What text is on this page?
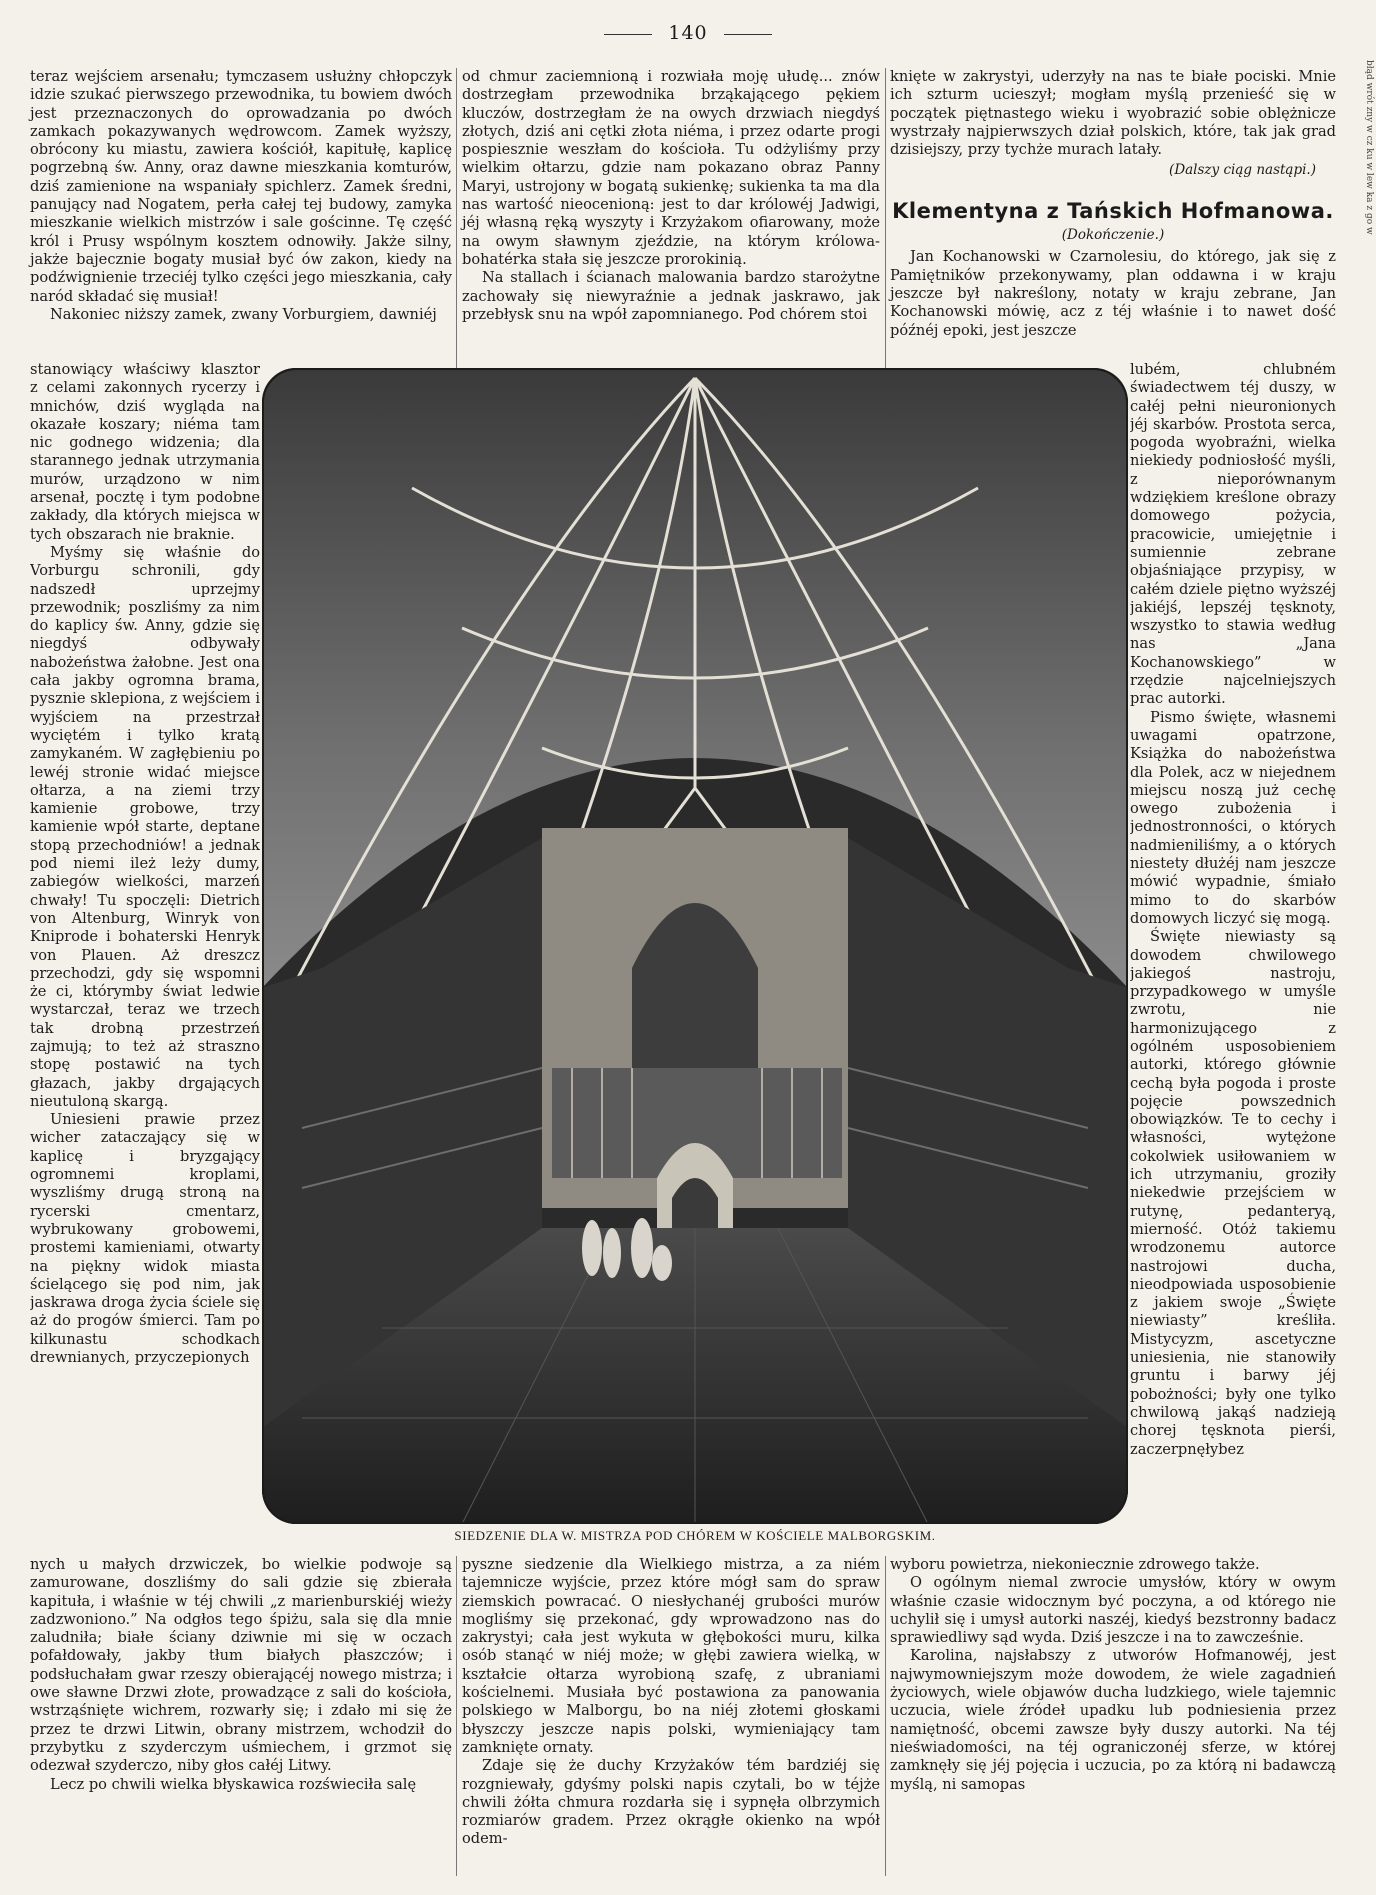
140
błąd wrót zny w cz ku w lew ka z go w

teraz wejściem arsenału; tymczasem usłużny chłopczyk idzie szukać pierwszego przewodnika, tu bowiem dwóch jest przeznaczonych do oprowadzania po dwóch zamkach pokazywanych wędrowcom. Zamek wyższy, obrócony ku miastu, zawiera kościół, kapitułę, kaplicę pogrzebną św. Anny, oraz dawne mieszkania komturów, dziś zamienione na wspaniały spichlerz. Zamek średni, panujący nad Nogatem, perła całej tej budowy, zamyka mieszkanie wielkich mistrzów i sale gościnne. Tę część król i Prusy wspólnym kosztem odnowiły. Jakże silny, jakże bajecznie bogaty musiał być ów zakon, kiedy na podźwignienie trzeciéj tylko części jego mieszkania, cały naród składać się musiał!

Nakoniec niższy zamek, zwany Vorburgiem, dawniéj

od chmur zaciemnioną i rozwiała moję ułudę... znów dostrzegłam przewodnika brząkającego pękiem kluczów, dostrzegłam że na owych drzwiach niegdyś złotych, dziś ani cętki złota niéma, i przez odarte progi pospiesznie weszłam do kościoła. Tu odżyliśmy przy wielkim ołtarzu, gdzie nam pokazano obraz Panny Maryi, ustrojony w bogatą sukienkę; sukienka ta ma dla nas wartość nieocenioną: jest to dar królowéj Jadwigi, jéj własną ręką wyszyty i Krzyżakom ofiarowany, może na owym sławnym zjeździe, na którym królowa-bohatérka stała się jeszcze prorokinią.

Na stallach i ścianach malowania bardzo starożytne zachowały się niewyraźnie a jednak jaskrawo, jak przebłysk snu na wpół zapomnianego. Pod chórem stoi

knięte w zakrystyi, uderzyły na nas te białe pociski. Mnie ich szturm ucieszył; mogłam myślą przenieść się w początek piętnastego wieku i wyobrazić sobie oblężnicze wystrzały najpierwszych dział polskich, które, tak jak grad dzisiejszy, przy tychże murach latały.

(Dalszy ciąg nastąpi.)
Klementyna z Tańskich Hofmanowa.
(Dokończenie.)

Jan Kochanowski w Czarnolesiu, do którego, jak się z Pamiętników przekonywamy, plan oddawna i w kraju jeszcze był nakreślony, notaty w kraju zebrane, Jan Kochanowski mówię, acz z téj właśnie i to nawet dość późnéj epoki, jest jeszcze

stanowiący właściwy klasztor z celami zakonnych rycerzy i mnichów, dziś wygląda na okazałe koszary; niéma tam nic godnego widzenia; dla starannego jednak utrzymania murów, urządzono w nim arsenał, pocztę i tym podobne zakłady, dla których miejsca w tych obszarach nie braknie.

Myśmy się właśnie do Vorburgu schronili, gdy nadszedł uprzejmy przewodnik; poszliśmy za nim do kaplicy św. Anny, gdzie się niegdyś odbywały nabożeństwa żałobne. Jest ona cała jakby ogromna brama, pysznie sklepiona, z wejściem i wyjściem na przestrzał wyciętém i tylko kratą zamykaném. W zagłębieniu po lewéj stronie widać miejsce ołtarza, a na ziemi trzy kamienie grobowe, trzy kamienie wpół starte, deptane stopą przechodniów! a jednak pod niemi ileż leży dumy, zabiegów wielkości, marzeń chwały! Tu spoczęli: Dietrich von Altenburg, Winryk von Kniprode i bohaterski Henryk von Plauen. Aż dreszcz przechodzi, gdy się wspomni że ci, którymby świat ledwie wystarczał, teraz we trzech tak drobną przestrzeń zajmują; to też aż straszno stopę postawić na tych głazach, jakby drgających nieutuloną skargą.

Uniesieni prawie przez wicher zataczający się w kaplicę i bryzgający ogromnemi kroplami, wyszliśmy drugą stroną na rycerski cmentarz, wybrukowany grobowemi, prostemi kamieniami, otwarty na piękny widok miasta ścielącego się pod nim, jak jaskrawa droga życia ściele się aż do progów śmierci. Tam po kilkunastu schodkach drewnianych, przyczepionych

lubém, chlubném świadectwem téj duszy, w całéj pełni nieuronionych jéj skarbów. Prostota serca, pogoda wyobraźni, wielka niekiedy podniosłość myśli, z nieporównanym wdziękiem kreślone obrazy domowego pożycia, pracowicie, umiejętnie i sumiennie zebrane objaśniające przypisy, w całém dziele piętno wyższéj jakiéjś, lepszéj tęsknoty, wszystko to stawia według nas „Jana Kochanowskiego” w rzędzie najcelniejszych prac autorki.

Pismo święte, własnemi uwagami opatrzone, Książka do nabożeństwa dla Polek, acz w niejednem miejscu noszą już cechę owego zubożenia i jednostronności, o których nadmieniliśmy, a o których niestety dłużéj nam jeszcze mówić wypadnie, śmiało mimo to do skarbów domowych liczyć się mogą.

Święte niewiasty są dowodem chwilowego jakiegoś nastroju, przypadkowego w umyśle zwrotu, nie harmonizującego z ogólném usposobieniem autorki, którego głównie cechą była pogoda i proste pojęcie powszednich obowiązków. Te to cechy i własności, wytężone cokolwiek usiłowaniem w ich utrzymaniu, groziły niekedwie przejściem w rutynę, pedanteryą, mierność. Otóż takiemu wrodzonemu autorce nastrojowi ducha, nieodpowiada usposobienie z jakiem swoje „Święte niewiasty” kreśliła. Mistycyzm, ascetyczne uniesienia, nie stanowiły gruntu i barwy jéj pobożności; były one tylko chwilową jakąś nadzieją chorej tęsknota pierśi, zaczerpnęłybez

SIEDZENIE DLA W. MISTRZA POD CHÓREM W KOŚCIELE MALBORGSKIM.

nych u małych drzwiczek, bo wielkie podwoje są zamurowane, doszliśmy do sali gdzie się zbierała kapituła, i właśnie w téj chwili „z marienburskiéj wieży zadzwoniono.” Na odgłos tego śpiżu, sala się dla mnie zaludniła; białe ściany dziwnie mi się w oczach pofałdowały, jakby tłum białych płaszczów; i podsłuchałam gwar rzeszy obierającéj nowego mistrza; i owe sławne Drzwi złote, prowadzące z sali do kościoła, wstrząśnięte wichrem, rozwarły się; i zdało mi się że przez te drzwi Litwin, obrany mistrzem, wchodził do przybytku z szyderczym uśmiechem, i grzmot się odezwał szyderczo, niby głos całéj Litwy.

Lecz po chwili wielka błyskawica rozświeciła salę

pyszne siedzenie dla Wielkiego mistrza, a za niém tajemnicze wyjście, przez które mógł sam do spraw ziemskich powracać. O niesłychanéj grubości murów mogliśmy się przekonać, gdy wprowadzono nas do zakrystyi; cała jest wykuta w głębokości muru, kilka osób stanąć w niéj może; w głębi zawiera wielką, w kształcie ołtarza wyrobioną szafę, z ubraniami kościelnemi. Musiała być postawiona za panowania polskiego w Malborgu, bo na niéj złotemi głoskami błyszczy jeszcze napis polski, wymieniający tam zamknięte ornaty.

Zdaje się że duchy Krzyżaków tém bardziéj się rozgniewały, gdyśmy polski napis czytali, bo w téjże chwili żółta chmura rozdarła się i sypnęła olbrzymich rozmiarów gradem. Przez okrągłe okienko na wpół odem-

wyboru powietrza, niekoniecznie zdrowego także.

O ogólnym niemal zwrocie umysłów, który w owym właśnie czasie widocznym być poczyna, a od którego nie uchylił się i umysł autorki naszéj, kiedyś bezstronny badacz sprawiedliwy sąd wyda. Dziś jeszcze i na to zawcześnie.

Karolina, najsłabszy z utworów Hofmanowéj, jest najwymowniejszym może dowodem, że wiele zagadnień życiowych, wiele objawów ducha ludzkiego, wiele tajemnic uczucia, wiele źródeł upadku lub podniesienia przez namiętność, obcemi zawsze były duszy autorki. Na téj nieświadomości, na téj ograniczonéj sferze, w której zamknęły się jéj pojęcia i uczucia, po za którą ni badawczą myślą, ni samopas
